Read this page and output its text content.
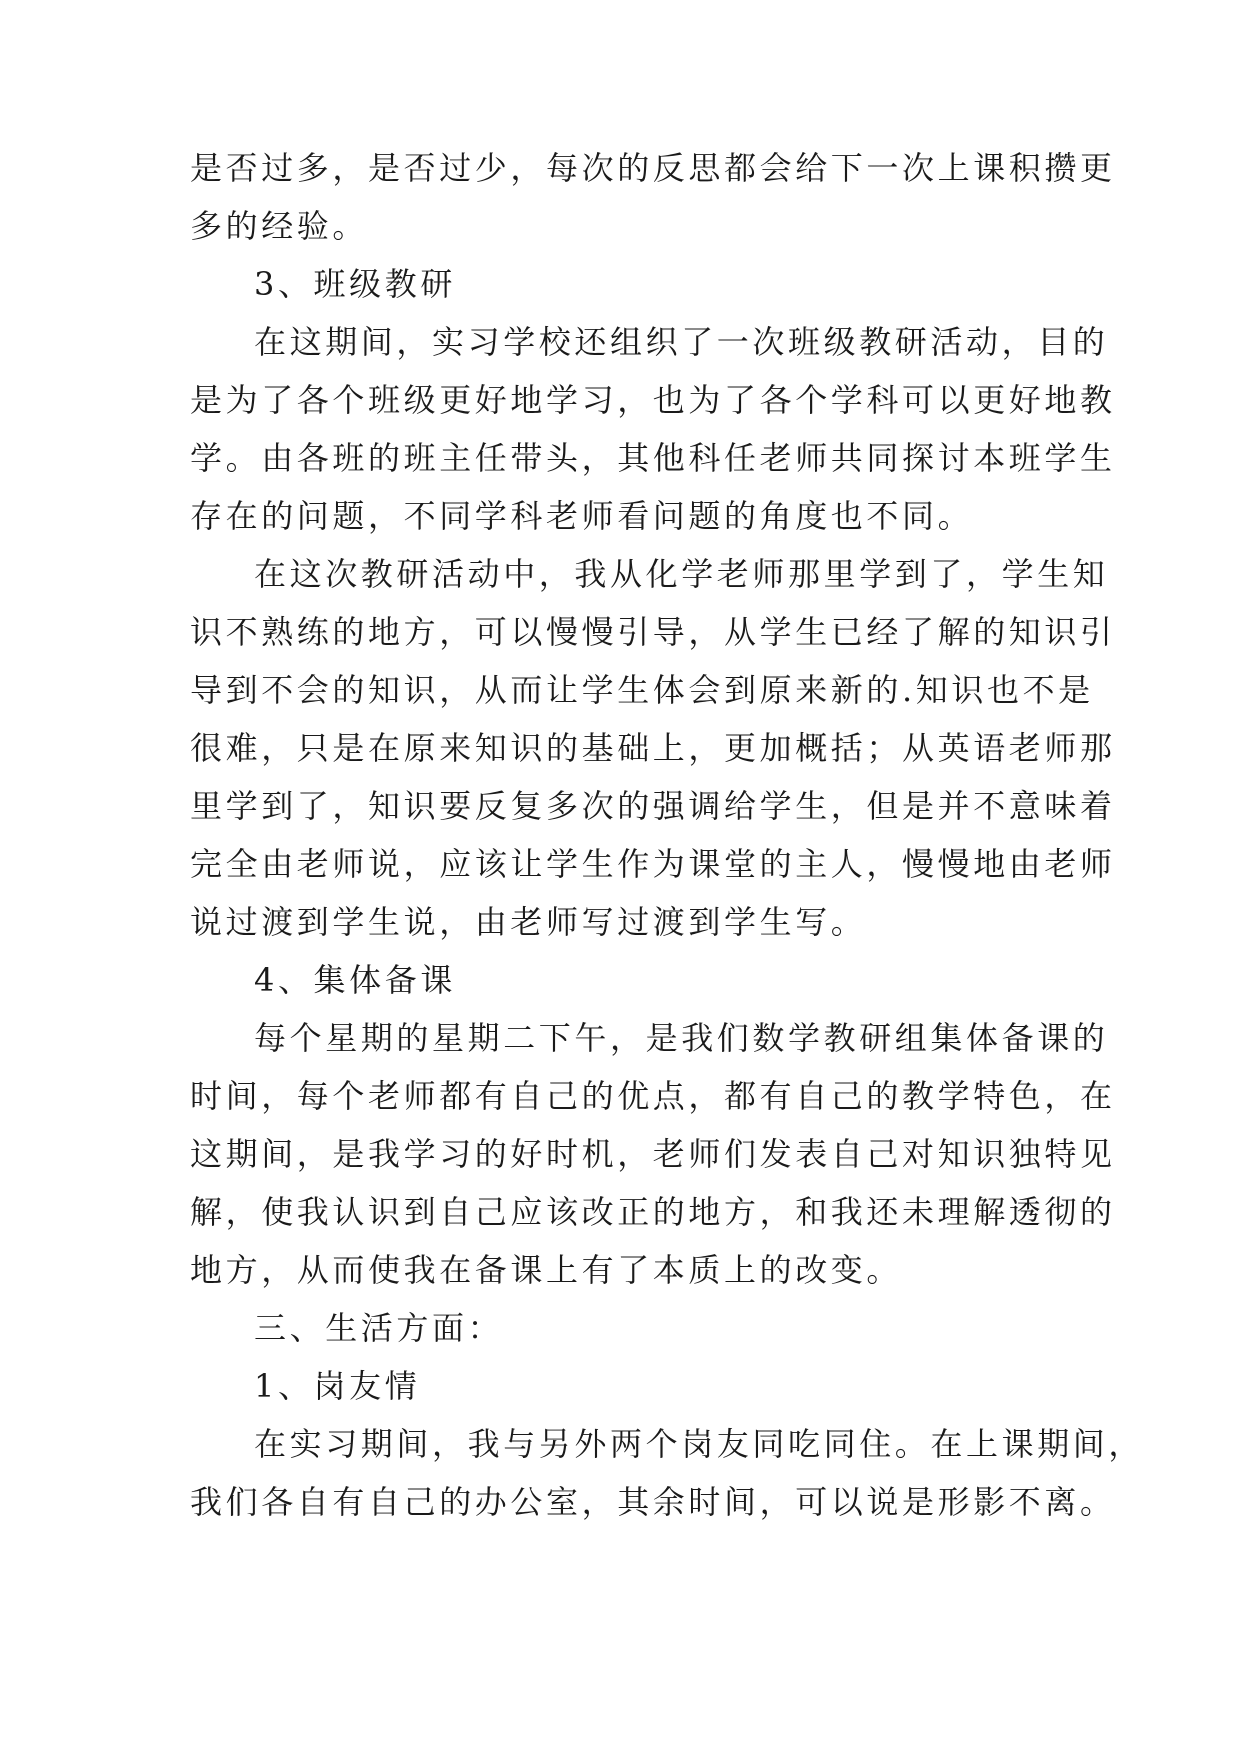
是否过多，是否过少，每次的反思都会给下一次上课积攒更
多的经验。
3、班级教研
在这期间，实习学校还组织了一次班级教研活动，目的
是为了各个班级更好地学习，也为了各个学科可以更好地教
学。由各班的班主任带头，其他科任老师共同探讨本班学生
存在的问题，不同学科老师看问题的角度也不同。
在这次教研活动中，我从化学老师那里学到了，学生知
识不熟练的地方，可以慢慢引导，从学生已经了解的知识引
导到不会的知识，从而让学生体会到原来新的.知识也不是
很难，只是在原来知识的基础上，更加概括；从英语老师那
里学到了，知识要反复多次的强调给学生，但是并不意味着
完全由老师说，应该让学生作为课堂的主人，慢慢地由老师
说过渡到学生说，由老师写过渡到学生写。
4、集体备课
每个星期的星期二下午，是我们数学教研组集体备课的
时间，每个老师都有自己的优点，都有自己的教学特色，在
这期间，是我学习的好时机，老师们发表自己对知识独特见
解，使我认识到自己应该改正的地方，和我还未理解透彻的
地方，从而使我在备课上有了本质上的改变。
三、生活方面：
1、岗友情
在实习期间，我与另外两个岗友同吃同住。在上课期间，
我们各自有自己的办公室，其余时间，可以说是形影不离。
